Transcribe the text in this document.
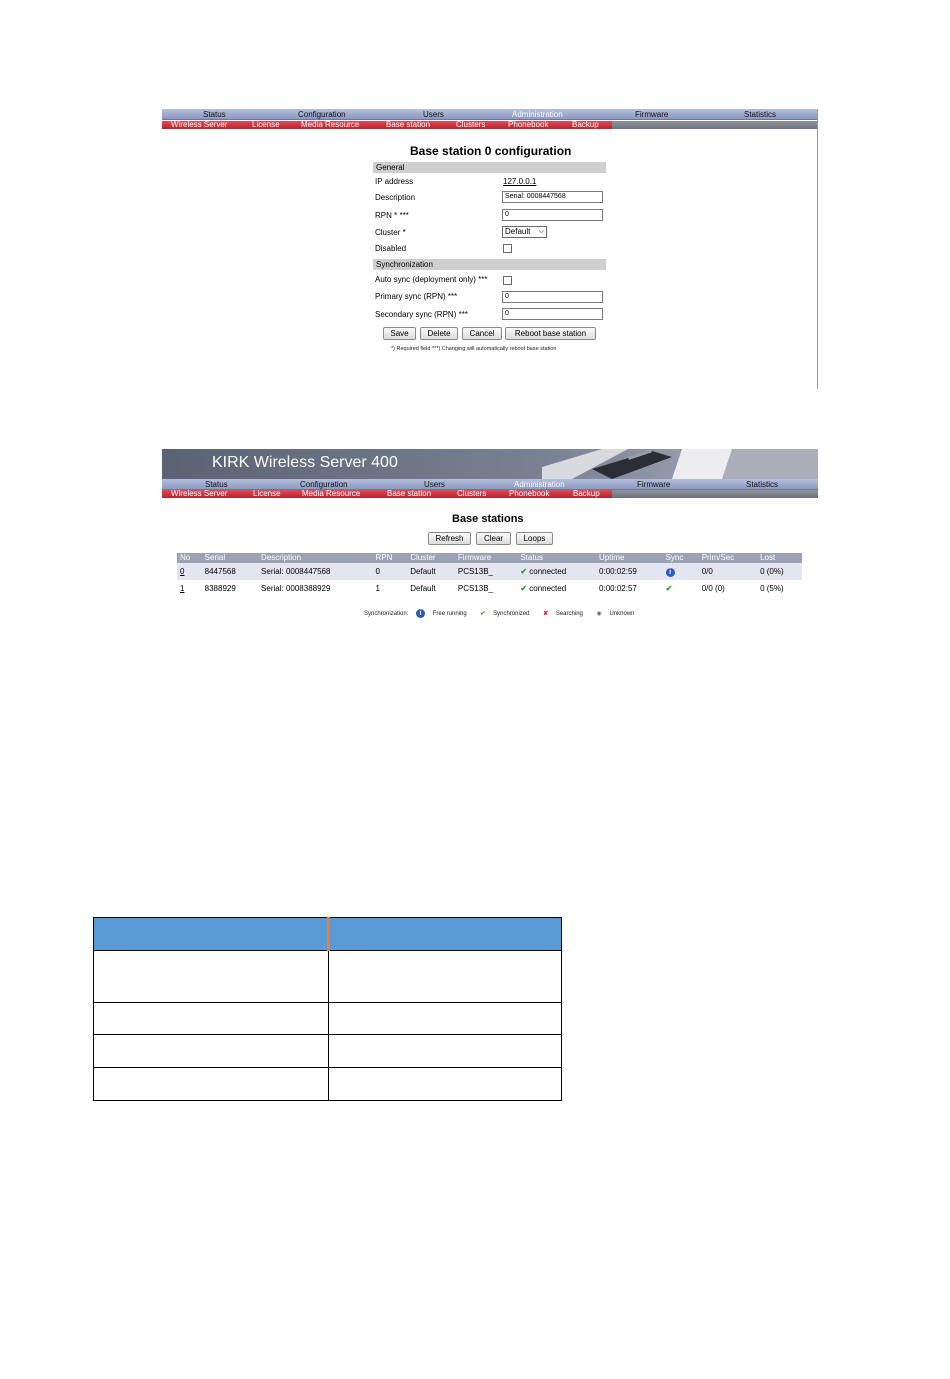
Status	Configuration	Users	Administration	Firmware	Statistics
Wireless Server	License	Media Resource	Base station	Clusters	Phonebook	Backup
Base station 0 configuration
General
IP address	127.0.0.1
Description	Serial: 0008447568
RPN * ***	0
Cluster *	Default ⌵
Disabled
Synchronization
Auto sync (deployment only) ***
Primary sync (RPN) ***	0
Secondary sync (RPN) ***	0
Save	Delete	Cancel	Reboot base station
*) Required field ***) Changing will automatically reboot base station
KIRK Wireless Server 400
Status	Configuration	Users	Administration	Firmware	Statistics
Wireless Server	License	Media Resource	Base station	Clusters	Phonebook	Backup
Base stations
Refresh	Clear	Loops
No	Serial	Description	RPN	Cluster	Firmware	Status	Uptime	Sync	Prim/Sec	Lost
0	8447568	Serial: 0008447568	0	Default	PCS13B_	✔ connected	0:00:02:59	i	0/0	0 (0%)
1	8388929	Serial: 0008388929	1	Default	PCS13B_	✔ connected	0:00:02:57	✔	0/0 (0)	0 (5%)
Synchronization: i Free running ✔ Synchronized ✘ Searching ◉ Unknown
